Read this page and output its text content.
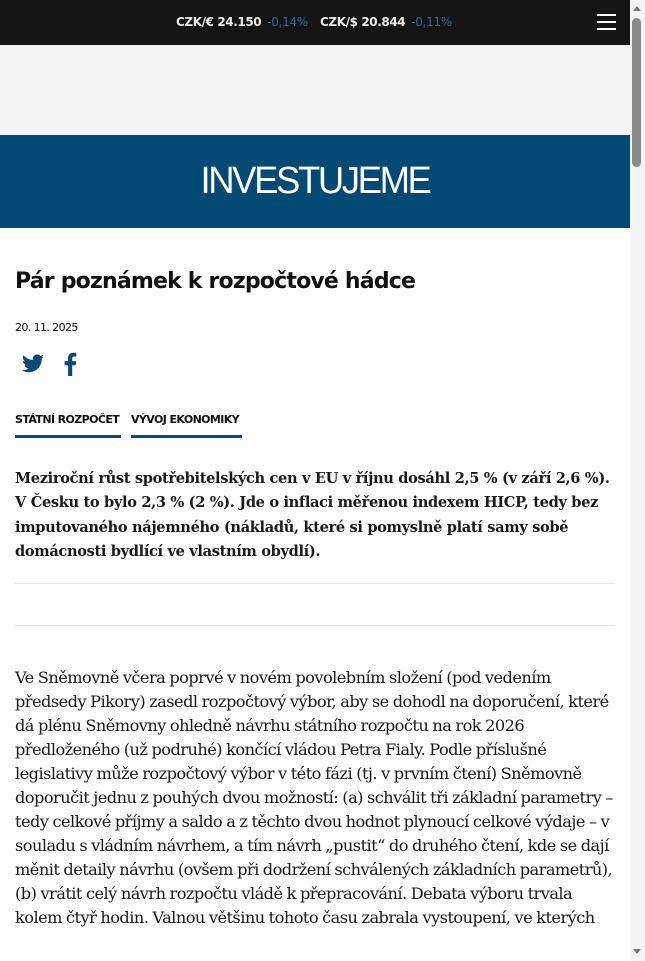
CZK/€ 24.150 -0,14% CZK/$ 20.844 -0,11%
INVESTUJEME
Pár poznámek k rozpočtové hádce
20. 11. 2025
STÁTNÍ ROZPOČET VÝVOJ EKONOMIKY

Meziroční růst spotřebitelských cen v EU v říjnu dosáhl 2,5 % (v září 2,6 %). V Česku to bylo 2,3 % (2 %). Jde o inflaci měřenou indexem HICP, tedy bez imputovaného nájemného (nákladů, které si pomyslně platí samy sobě domácnosti bydlící ve vlastním obydlí).

Ve Sněmovně včera poprvé v novém povolebním složení (pod vedením předsedy Pikory) zasedl rozpočtový výbor, aby se dohodl na doporučení, které dá plénu Sněmovny ohledně návrhu státního rozpočtu na rok 2026 předloženého (už podruhé) končící vládou Petra Fialy. Podle příslušné legislativy může rozpočtový výbor v této fázi (tj. v prvním čtení) Sněmovně doporučit jednu z pouhých dvou možností: (a) schválit tři základní parametry – tedy celkové příjmy a saldo a z těchto dvou hodnot plynoucí celkové výdaje – v souladu s vládním návrhem, a tím návrh „pustit“ do druhého čtení, kde se dají měnit detaily návrhu (ovšem při dodržení schválených základních parametrů), (b) vrátit celý návrh rozpočtu vládě k přepracování. Debata výboru trvala kolem čtyř hodin. Valnou většinu tohoto času zabrala vystoupení, ve kterých
